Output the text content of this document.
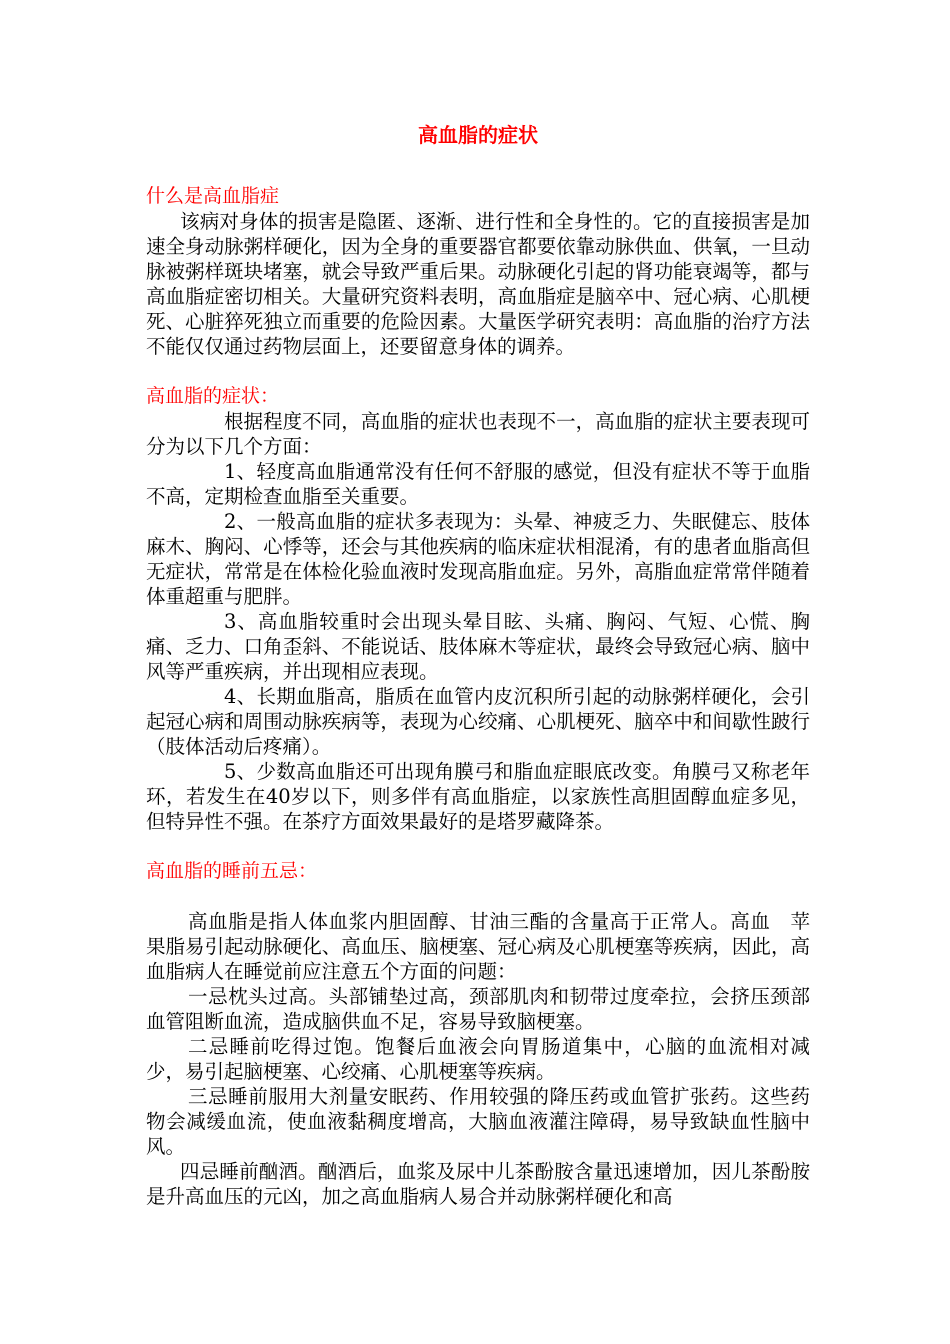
高血脂的症状

什么是高血脂症

该病对身体的损害是隐匿、逐渐、进行性和全身性的。它的直接损害是加速全身动脉粥样硬化，因为全身的重要器官都要依靠动脉供血、供氧，一旦动脉被粥样斑块堵塞，就会导致严重后果。动脉硬化引起的肾功能衰竭等，都与高血脂症密切相关。大量研究资料表明，高血脂症是脑卒中、冠心病、心肌梗死、心脏猝死独立而重要的危险因素。大量医学研究表明：高血脂的治疗方法不能仅仅通过药物层面上，还要留意身体的调养。

高血脂的症状：

根据程度不同，高血脂的症状也表现不一，高血脂的症状主要表现可分为以下几个方面：

1、轻度高血脂通常没有任何不舒服的感觉，但没有症状不等于血脂不高，定期检查血脂至关重要。

2、一般高血脂的症状多表现为：头晕、神疲乏力、失眠健忘、肢体麻木、胸闷、心悸等，还会与其他疾病的临床症状相混淆，有的患者血脂高但无症状，常常是在体检化验血液时发现高脂血症。另外，高脂血症常常伴随着体重超重与肥胖。

3、高血脂较重时会出现头晕目眩、头痛、胸闷、气短、心慌、胸痛、乏力、口角歪斜、不能说话、肢体麻木等症状，最终会导致冠心病、脑中风等严重疾病，并出现相应表现。

4、长期血脂高，脂质在血管内皮沉积所引起的动脉粥样硬化，会引起冠心病和周围动脉疾病等，表现为心绞痛、心肌梗死、脑卒中和间歇性跛行（肢体活动后疼痛）。

5、少数高血脂还可出现角膜弓和脂血症眼底改变。角膜弓又称老年环，若发生在40岁以下，则多伴有高血脂症，以家族性高胆固醇血症多见，但特异性不强。在茶疗方面效果最好的是塔罗藏降茶。

高血脂的睡前五忌：

高血脂是指人体血浆内胆固醇、甘油三酯的含量高于正常人。高血　苹果脂易引起动脉硬化、高血压、脑梗塞、冠心病及心肌梗塞等疾病，因此，高血脂病人在睡觉前应注意五个方面的问题：

一忌枕头过高。头部铺垫过高，颈部肌肉和韧带过度牵拉，会挤压颈部血管阻断血流，造成脑供血不足，容易导致脑梗塞。

二忌睡前吃得过饱。饱餐后血液会向胃肠道集中，心脑的血流相对减少，易引起脑梗塞、心绞痛、心肌梗塞等疾病。

三忌睡前服用大剂量安眠药、作用较强的降压药或血管扩张药。这些药物会减缓血流，使血液黏稠度增高，大脑血液灌注障碍，易导致缺血性脑中风。

四忌睡前酗酒。酗酒后，血浆及尿中儿茶酚胺含量迅速增加，因儿茶酚胺是升高血压的元凶，加之高血脂病人易合并动脉粥样硬化和高
